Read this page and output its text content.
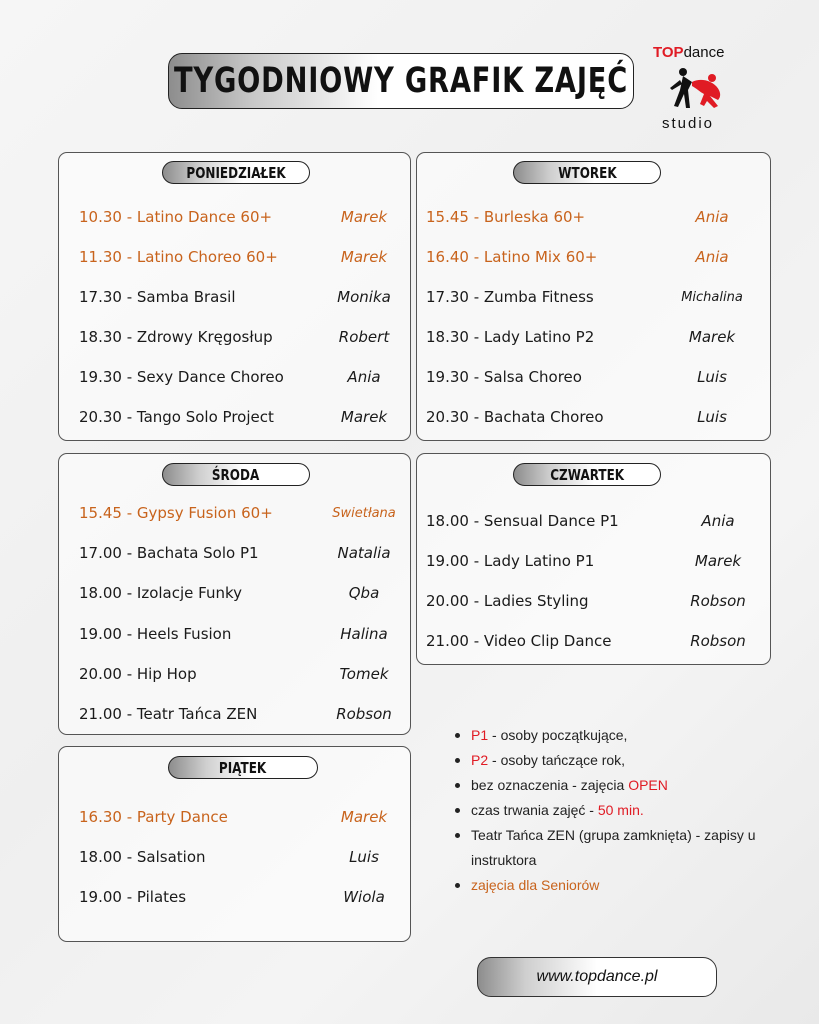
TYGODNIOWY GRAFIK ZAJĘĆ
TOPdance
studio
PONIEDZIAŁEK
10.30 - Latino Dance 60+	Marek
11.30 - Latino Choreo 60+	Marek
17.30 - Samba Brasil	Monika
18.30 - Zdrowy Kręgosłup	Robert
19.30 - Sexy Dance Choreo	Ania
20.30 - Tango Solo Project	Marek
WTOREK
15.45 - Burleska 60+	Ania
16.40 - Latino Mix 60+	Ania
17.30 - Zumba Fitness	Michalina
18.30 - Lady Latino P2	Marek
19.30 - Salsa Choreo	Luis
20.30 - Bachata Choreo	Luis
ŚRODA
15.45 - Gypsy Fusion 60+	Swietłana
17.00 - Bachata Solo P1	Natalia
18.00 - Izolacje Funky	Qba
19.00 - Heels Fusion	Halina
20.00 - Hip Hop	Tomek
21.00 - Teatr Tańca ZEN	Robson
CZWARTEK
18.00 - Sensual Dance P1	Ania
19.00 - Lady Latino P1	Marek
20.00 - Ladies Styling	Robson
21.00 - Video Clip Dance	Robson
PIĄTEK
16.30 - Party Dance	Marek
18.00 - Salsation	Luis
19.00 - Pilates	Wiola
P1 - osoby początkujące,
P2 - osoby tańczące rok,
bez oznaczenia - zajęcia OPEN
czas trwania zajęć - 50 min.
Teatr Tańca ZEN (grupa zamknięta) - zapisy u instruktora
zajęcia dla Seniorów
www.topdance.pl
